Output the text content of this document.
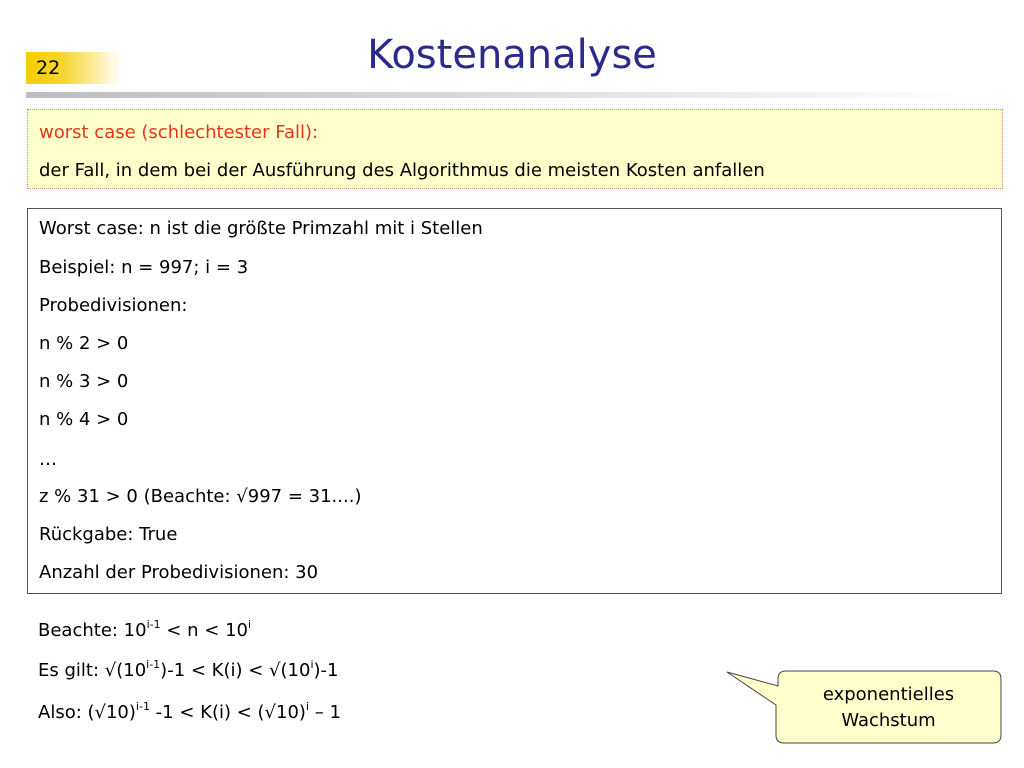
22	Kostenanalyse
worst case (schlechtester Fall):
der Fall, in dem bei der Ausführung des Algorithmus die meisten Kosten anfallen
Worst case: n ist die größte Primzahl mit i Stellen
Beispiel: n = 997; i = 3
Probedivisionen:
n % 2 > 0
n % 3 > 0
n % 4 > 0
…
z % 31 > 0 (Beachte: √997 = 31....)
Rückgabe: True
Anzahl der Probedivisionen: 30
Beachte: $10^{i-1} < n < 10^i$
Es gilt: $√(10^{i-1})-1 < K(i) < √(10^i)-1$
Also: $(√10)^{i-1}$ $-1 < K(i) < (√10)^i - 1$
exponentielles
Wachstum
